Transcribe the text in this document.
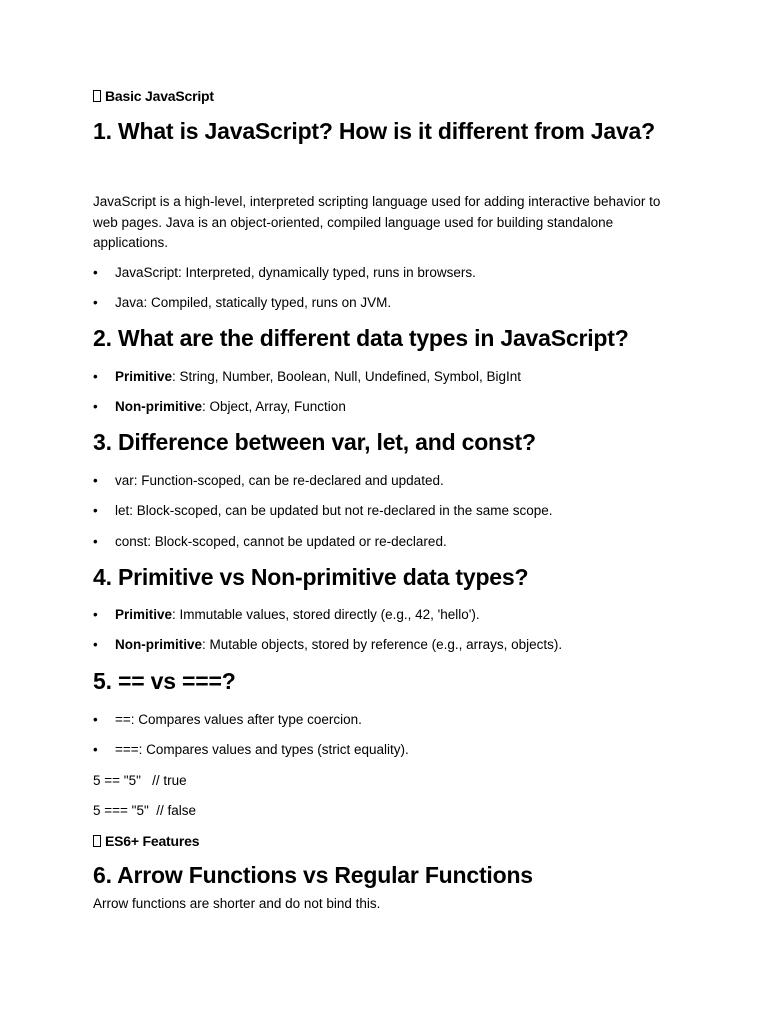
Basic JavaScript
1. What is JavaScript? How is it different from Java?

JavaScript is a high-level, interpreted scripting language used for adding interactive behavior to web pages. Java is an object-oriented, compiled language used for building standalone applications.

• JavaScript: Interpreted, dynamically typed, runs in browsers.
• Java: Compiled, statically typed, runs on JVM.
2. What are the different data types in JavaScript?
• Primitive: String, Number, Boolean, Null, Undefined, Symbol, BigInt
• Non-primitive: Object, Array, Function
3. Difference between var, let, and const?
• var: Function-scoped, can be re-declared and updated.
• let: Block-scoped, can be updated but not re-declared in the same scope.
• const: Block-scoped, cannot be updated or re-declared.
4. Primitive vs Non-primitive data types?
• Primitive: Immutable values, stored directly (e.g., 42, 'hello').
• Non-primitive: Mutable objects, stored by reference (e.g., arrays, objects).
5. == vs ===?
• ==: Compares values after type coercion.
• ===: Compares values and types (strict equality).
5 == "5"   // true
5 === "5"  // false
ES6+ Features
6. Arrow Functions vs Regular Functions

Arrow functions are shorter and do not bind this.
